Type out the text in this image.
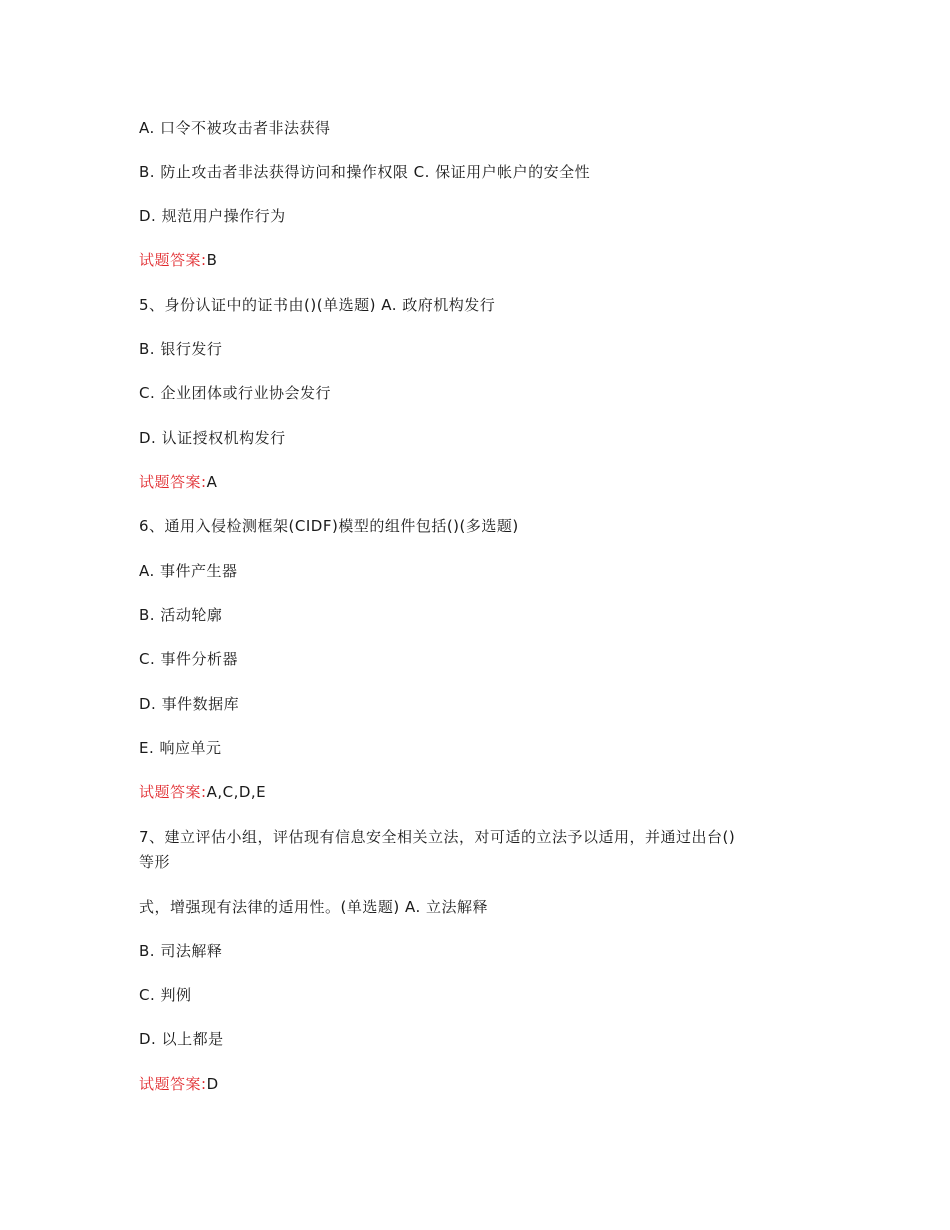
A. 口令不被攻击者非法获得
B. 防止攻击者非法获得访问和操作权限 C. 保证用户帐户的安全性
D. 规范用户操作行为
试题答案:B
5、身份认证中的证书由()(单选题) A. 政府机构发行
B. 银行发行
C. 企业团体或行业协会发行
D. 认证授权机构发行
试题答案:A
6、通用入侵检测框架(CIDF)模型的组件包括()(多选题)
A. 事件产生器
B. 活动轮廓
C. 事件分析器
D. 事件数据库
E. 响应单元
试题答案:A,C,D,E
7、建立评估小组，评估现有信息安全相关立法，对可适的立法予以适用，并通过出台()
等形
式，增强现有法律的适用性。(单选题) A. 立法解释
B. 司法解释
C. 判例
D. 以上都是
试题答案:D
